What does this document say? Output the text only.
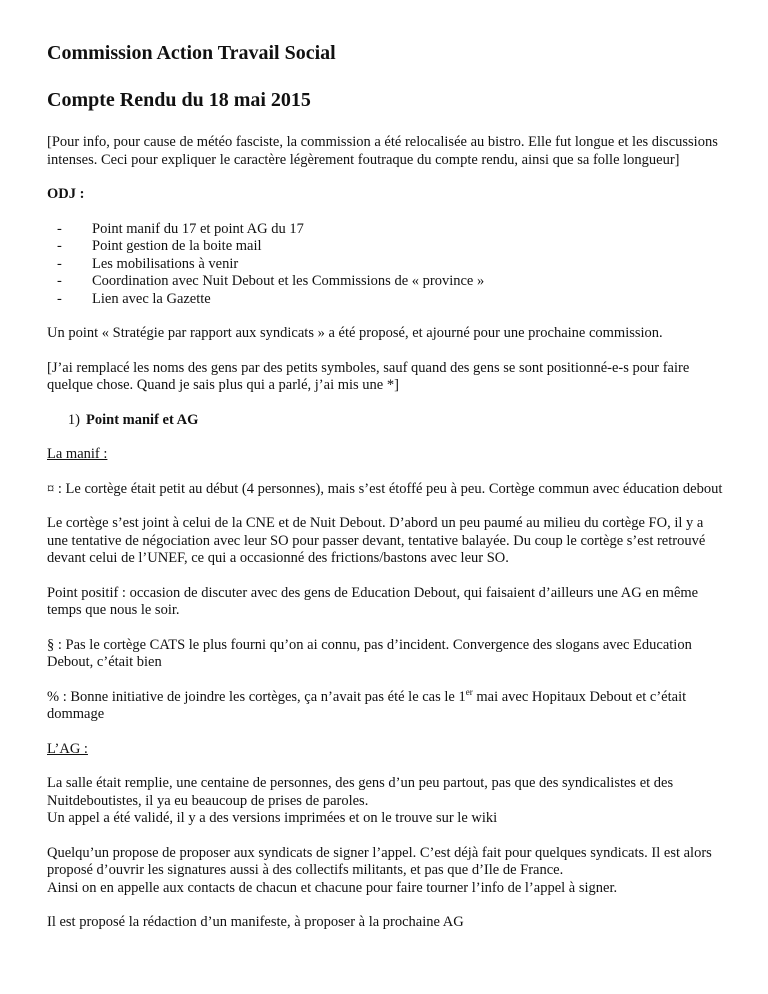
Commission Action Travail Social
Compte Rendu du 18 mai 2015

[Pour info, pour cause de météo fasciste, la commission a été relocalisée au bistro. Elle fut longue et les discussions intenses. Ceci pour expliquer le caractère légèrement foutraque du compte rendu, ainsi que sa folle longueur]

ODJ :

- Point manif du 17 et point AG du 17
- Point gestion de la boite mail
- Les mobilisations à venir
- Coordination avec Nuit Debout et les Commissions de « province »
- Lien avec la Gazette

Un point « Stratégie par rapport aux syndicats » a été proposé, et ajourné pour une prochaine commission.

[J’ai remplacé les noms des gens par des petits symboles, sauf quand des gens se sont positionné-e-s pour faire quelque chose. Quand je sais plus qui a parlé, j’ai mis une *]

1) Point manif et AG

La manif :

¤ : Le cortège était petit au début (4 personnes), mais s’est étoffé peu à peu. Cortège commun avec éducation debout

Le cortège s’est joint à celui de la CNE et de Nuit Debout. D’abord un peu paumé au milieu du cortège FO, il y a une tentative de négociation avec leur SO pour passer devant, tentative balayée. Du coup le cortège s’est retrouvé devant celui de l’UNEF, ce qui a occasionné des frictions/bastons avec leur SO.

Point positif : occasion de discuter avec des gens de Education Debout, qui faisaient d’ailleurs une AG en même temps que nous le soir.

§ : Pas le cortège CATS le plus fourni qu’on ai connu, pas d’incident. Convergence des slogans avec Education Debout, c’était bien

% : Bonne initiative de joindre les cortèges, ça n’avait pas été le cas le 1er mai avec Hopitaux Debout et c’était dommage

L’AG :

La salle était remplie, une centaine de personnes, des gens d’un peu partout, pas que des syndicalistes et des Nuitdeboutistes, il ya eu beaucoup de prises de paroles.
Un appel a été validé, il y a des versions imprimées et on le trouve sur le wiki

Quelqu’un propose de proposer aux syndicats de signer l’appel. C’est déjà fait pour quelques syndicats. Il est alors proposé d’ouvrir les signatures aussi à des collectifs militants, et pas que d’Ile de France.
Ainsi on en appelle aux contacts de chacun et chacune pour faire tourner l’info de l’appel à signer.

Il est proposé la rédaction d’un manifeste, à proposer à la prochaine AG
